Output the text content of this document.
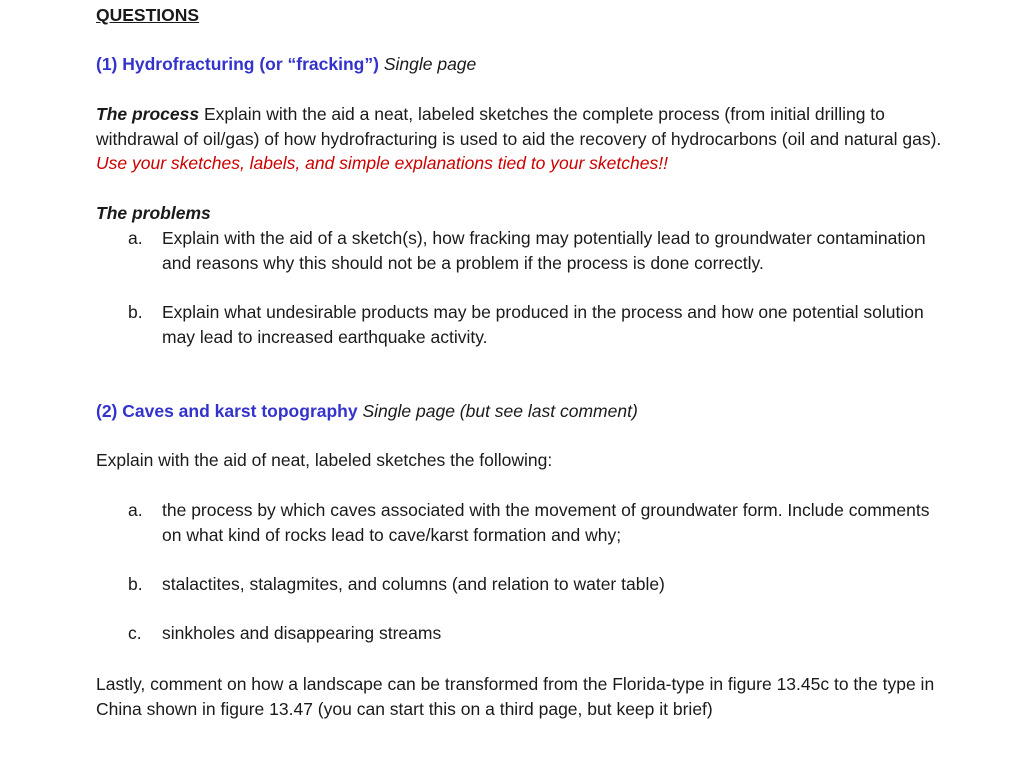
QUESTIONS
(1) Hydrofracturing (or “fracking”) Single page
The process Explain with the aid a neat, labeled sketches the complete process (from initial drilling to withdrawal of oil/gas) of how hydrofracturing is used to aid the recovery of hydrocarbons (oil and natural gas). Use your sketches, labels, and simple explanations tied to your sketches!!
The problems
a. Explain with the aid of a sketch(s), how fracking may potentially lead to groundwater contamination and reasons why this should not be a problem if the process is done correctly.
b. Explain what undesirable products may be produced in the process and how one potential solution may lead to increased earthquake activity.
(2) Caves and karst topography Single page (but see last comment)
Explain with the aid of neat, labeled sketches the following:
a. the process by which caves associated with the movement of groundwater form. Include comments on what kind of rocks lead to cave/karst formation and why;
b. stalactites, stalagmites, and columns (and relation to water table)
c. sinkholes and disappearing streams
Lastly, comment on how a landscape can be transformed from the Florida-type in figure 13.45c to the type in China shown in figure 13.47 (you can start this on a third page, but keep it brief)
